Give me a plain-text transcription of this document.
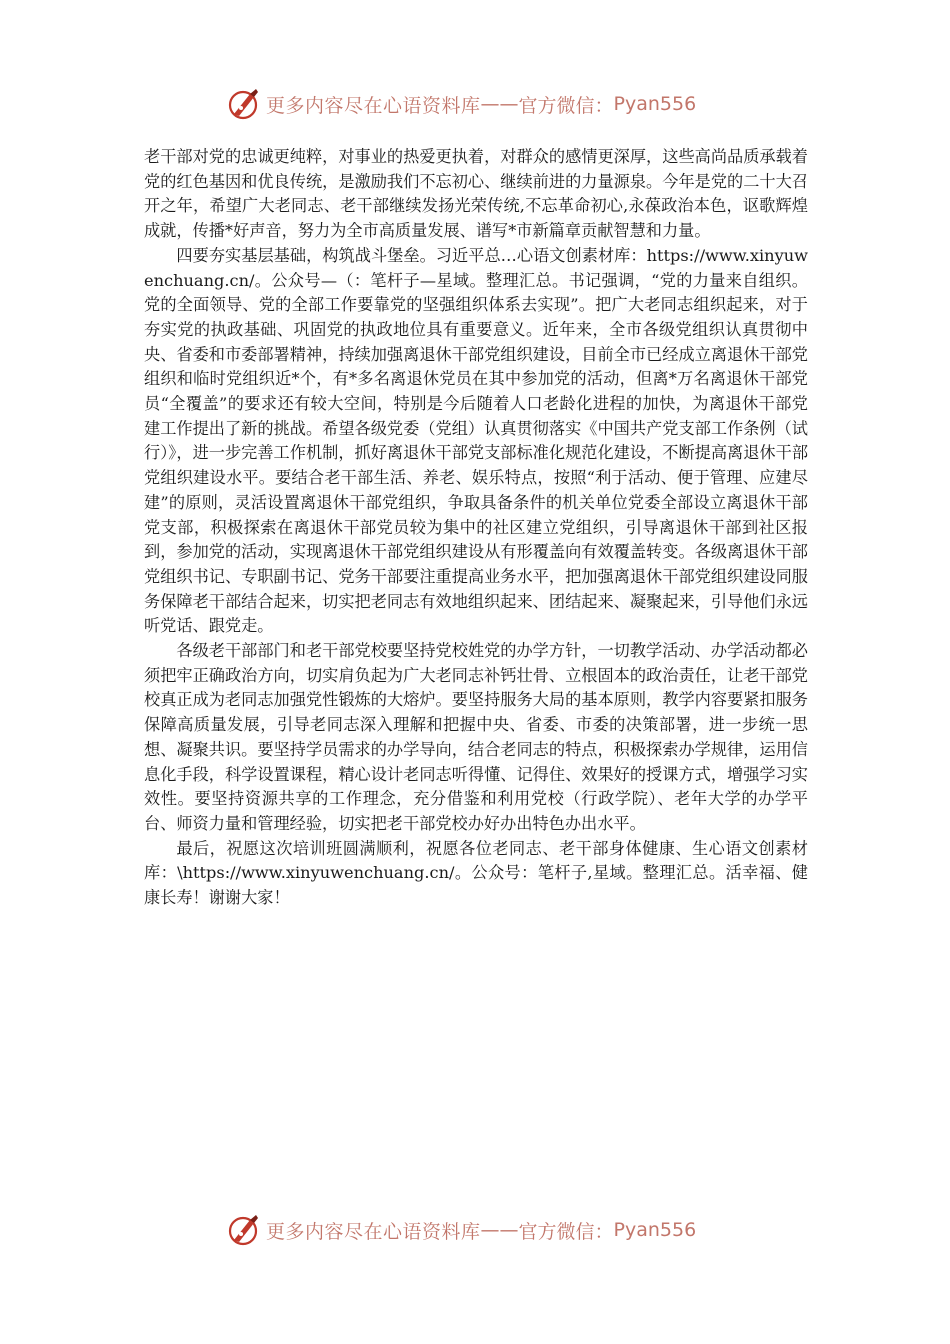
更多内容尽在心语资料库 —— 官方微信： Pyan556

老干部对党的忠诚更纯粹，对事业的热爱更执着，对群众的感情更深厚，这些高尚品质承载着党的红色基因和优良传统，是激励我们不忘初心、继续前进的力量源泉。今年是党的二十大召开之年，希望广大老同志、老干部继续发扬光荣传统,不忘革命初心,永葆政治本色，讴歌辉煌成就，传播*好声音，努力为全市高质量发展、谱写*市新篇章贡献智慧和力量。

四要夯实基层基础，构筑战斗堡垒。习近平总…心语文创素材库：https://www.xinyuwenchuang.cn/。公众号—（：笔杆子—星域。整理汇总。书记强调，“党的力量来自组织。党的全面领导、党的全部工作要靠党的坚强组织体系去实现”。把广大老同志组织起来，对于夯实党的执政基础、巩固党的执政地位具有重要意义。近年来，全市各级党组织认真贯彻中央、省委和市委部署精神，持续加强离退休干部党组织建设，目前全市已经成立离退休干部党组织和临时党组织近*个，有*多名离退休党员在其中参加党的活动，但离*万名离退休干部党员“全覆盖”的要求还有较大空间，特别是今后随着人口老龄化进程的加快，为离退休干部党建工作提出了新的挑战。希望各级党委（党组）认真贯彻落实《中国共产党支部工作条例（试行）》，进一步完善工作机制，抓好离退休干部党支部标准化规范化建设，不断提高离退休干部党组织建设水平。要结合老干部生活、养老、娱乐特点，按照“利于活动、便于管理、应建尽建”的原则，灵活设置离退休干部党组织，争取具备条件的机关单位党委全部设立离退休干部党支部，积极探索在离退休干部党员较为集中的社区建立党组织，引导离退休干部到社区报到，参加党的活动，实现离退休干部党组织建设从有形覆盖向有效覆盖转变。各级离退休干部党组织书记、专职副书记、党务干部要注重提高业务水平，把加强离退休干部党组织建设同服务保障老干部结合起来，切实把老同志有效地组织起来、团结起来、凝聚起来，引导他们永远听党话、跟党走。

各级老干部部门和老干部党校要坚持党校姓党的办学方针，一切教学活动、办学活动都必须把牢正确政治方向，切实肩负起为广大老同志补钙壮骨、立根固本的政治责任，让老干部党校真正成为老同志加强党性锻炼的大熔炉。要坚持服务大局的基本原则，教学内容要紧扣服务保障高质量发展，引导老同志深入理解和把握中央、省委、市委的决策部署，进一步统一思想、凝聚共识。要坚持学员需求的办学导向，结合老同志的特点，积极探索办学规律，运用信息化手段，科学设置课程，精心设计老同志听得懂、记得住、效果好的授课方式，增强学习实效性。要坚持资源共享的工作理念，充分借鉴和利用党校（行政学院）、老年大学的办学平台、师资力量和管理经验，切实把老干部党校办好办出特色办出水平。

最后，祝愿这次培训班圆满顺利，祝愿各位老同志、老干部身体健康、生心语文创素材库：\https://www.xinyuwenchuang.cn/。公众号：笔杆子,星域。整理汇总。活幸福、健康长寿！谢谢大家！

更多内容尽在心语资料库 —— 官方微信： Pyan556
